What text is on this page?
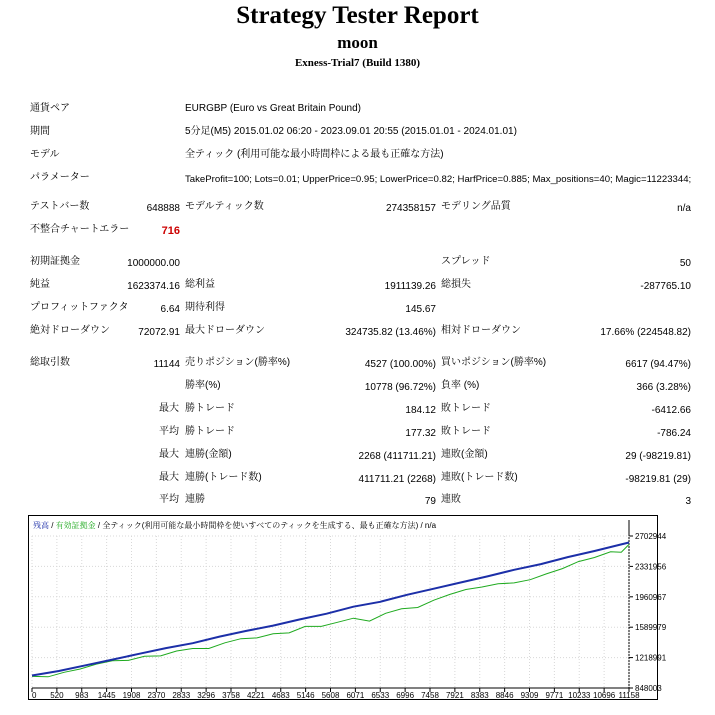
Strategy Tester Report
moon
Exness-Trial7 (Build 1380)
通貨ペア	EURGBP (Euro vs Great Britain Pound)
期間	5分足(M5) 2015.01.02 06:20 - 2023.09.01 20:55 (2015.01.01 - 2024.01.01)
モデル	全ティック (利用可能な最小時間枠による最も正確な方法)
パラメーター	TakeProfit=100; Lots=0.01; UpperPrice=0.95; LowerPrice=0.82; HarfPrice=0.885; Max_positions=40; Magic=11223344;
テストバー数	648888 モデルティック数	274358157 モデリング品質	n/a
不整合チャートエラー	716
初期証拠金	1000000.00	スプレッド	50
純益	1623374.16 総利益	1911139.26 総損失	-287765.10
プロフィットファクタ	6.64 期待利得	145.67
絶対ドローダウン	72072.91 最大ドローダウン	324735.82 (13.46%) 相対ドローダウン	17.66% (224548.82)
総取引数	11144 売りポジション(勝率%)	4527 (100.00%) 買いポジション(勝率%)	6617 (94.47%)
勝率(%)	10778 (96.72%) 負率 (%)	366 (3.28%)
最大 勝トレード	184.12 敗トレード	-6412.66
平均 勝トレード	177.32 敗トレード	-786.24
最大 連勝(金額)	2268 (411711.21) 連敗(金額)	29 (-98219.81)
最大 連勝(トレード数)	411711.21 (2268) 連敗(トレード数)	-98219.81 (29)
平均 連勝	79 連敗	3
残高 / 有効証拠金 / 全ティック(利用可能な最小時間枠を使いすべてのティックを生成する、最も正確な方法) / n/a
2702944
2331956
1960967
1589979
1218991
848003
0 520 983 1445 1908 2370 2833 3296 3758 4221 4683 5146 5608 6071 6533 6996 7458 7921 8383 8846 9309 9771 10233 10696 11158
